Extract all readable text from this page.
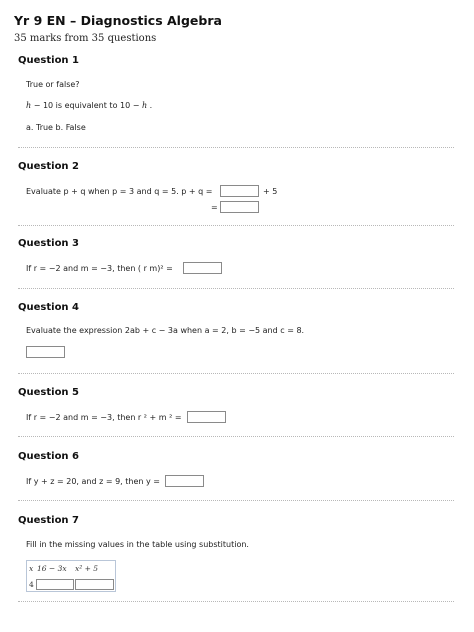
Yr 9 EN – Diagnostics Algebra
35 marks from 35 questions
Question 1
True or false?
h − 10 is equivalent to 10 − h .
a. True b. False
Question 2
Evaluate p + q when p = 3 and q = 5. p + q =	+ 5
=
Question 3
If r = −2 and m = −3, then ( r m)² =
Question 4
Evaluate the expression 2ab + c − 3a when a = 2, b = −5 and c = 8.
Question 5
If r = −2 and m = −3, then r ² + m ² =
Question 6
If y + z = 20, and z = 9, then y =
Question 7
Fill in the missing values in the table using substitution.
x 16 − 3x x² + 5
4
